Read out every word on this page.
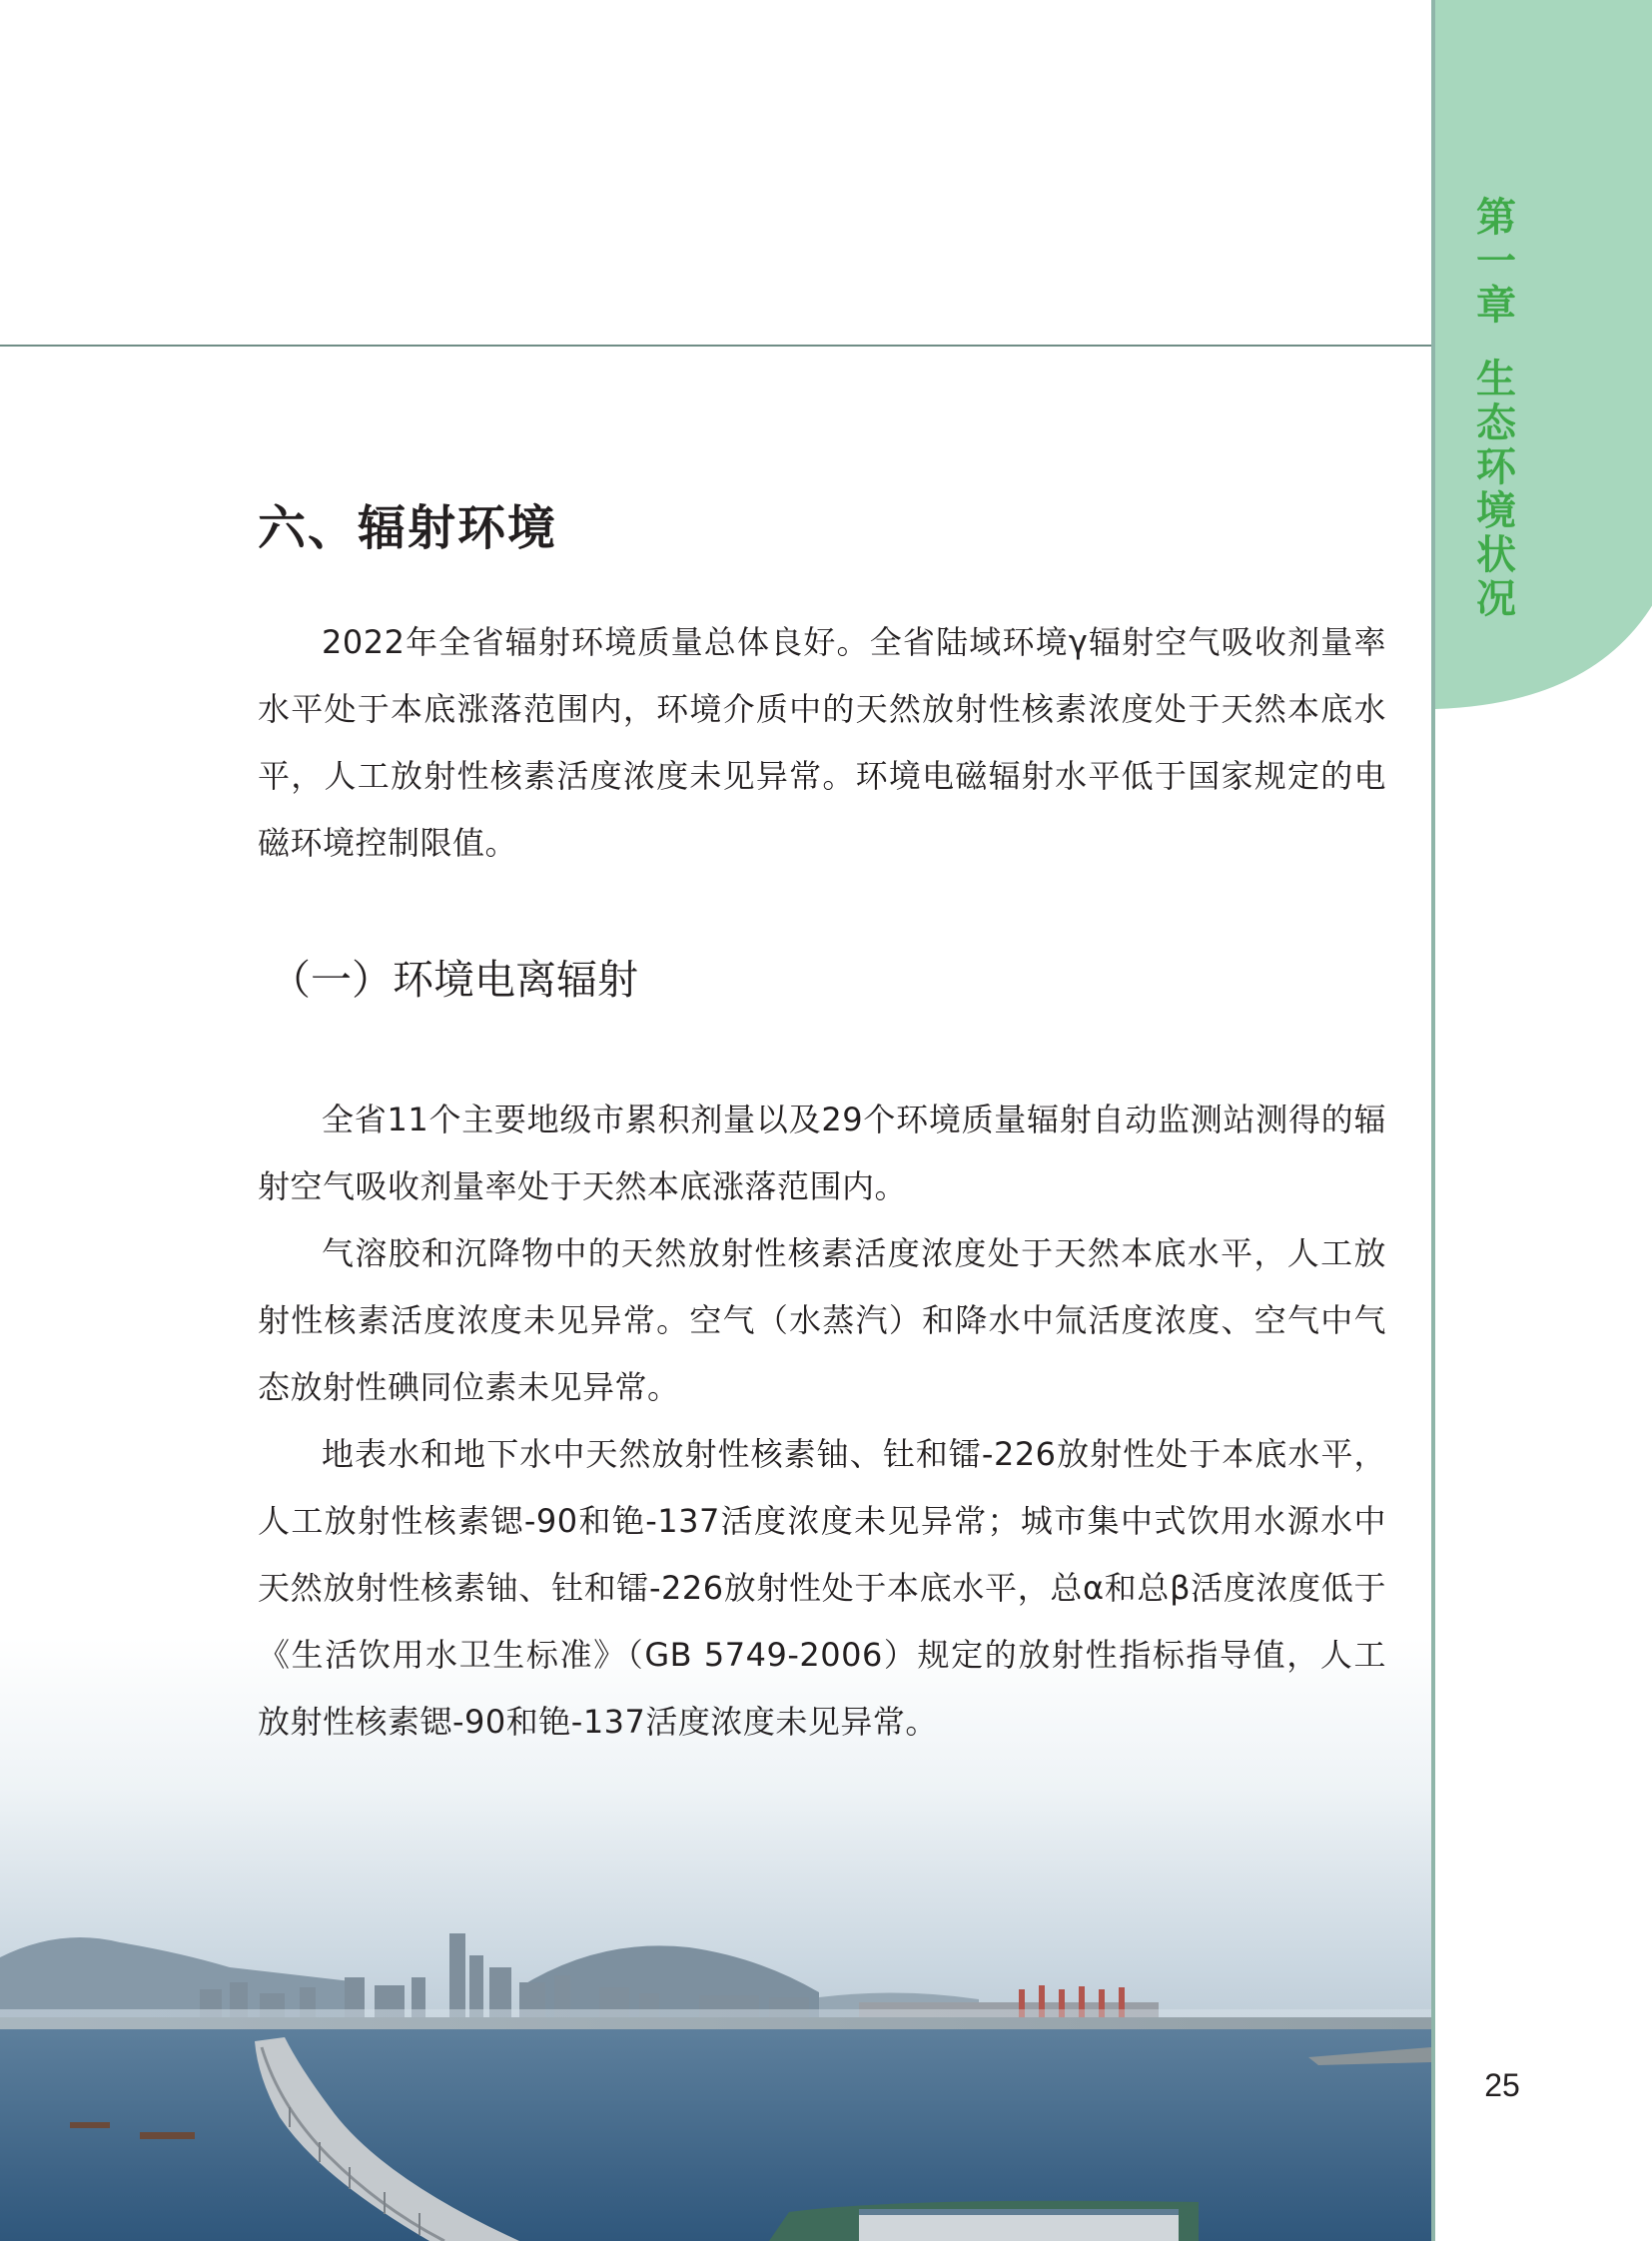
第
一
章
生
态
环
境
状
况
25
六、辐射环境

2022年全省辐射环境质量总体良好。全省陆域环境γ辐射空气吸收剂量率水平处于本底涨落范围内，环境介质中的天然放射性核素浓度处于天然本底水平，人工放射性核素活度浓度未见异常。环境电磁辐射水平低于国家规定的电磁环境控制限值。

（一）环境电离辐射

全省11个主要地级市累积剂量以及29个环境质量辐射自动监测站测得的辐射空气吸收剂量率处于天然本底涨落范围内。

气溶胶和沉降物中的天然放射性核素活度浓度处于天然本底水平，人工放射性核素活度浓度未见异常。空气（水蒸汽）和降水中氚活度浓度、空气中气态放射性碘同位素未见异常。

地表水和地下水中天然放射性核素铀、钍和镭-226放射性处于本底水平，人工放射性核素锶-90和铯-137活度浓度未见异常；城市集中式饮用水源水中天然放射性核素铀、钍和镭-226放射性处于本底水平，总α和总β活度浓度低于《生活饮用水卫生标准》（GB 5749-2006）规定的放射性指标指导值，人工放射性核素锶-90和铯-137活度浓度未见异常。
